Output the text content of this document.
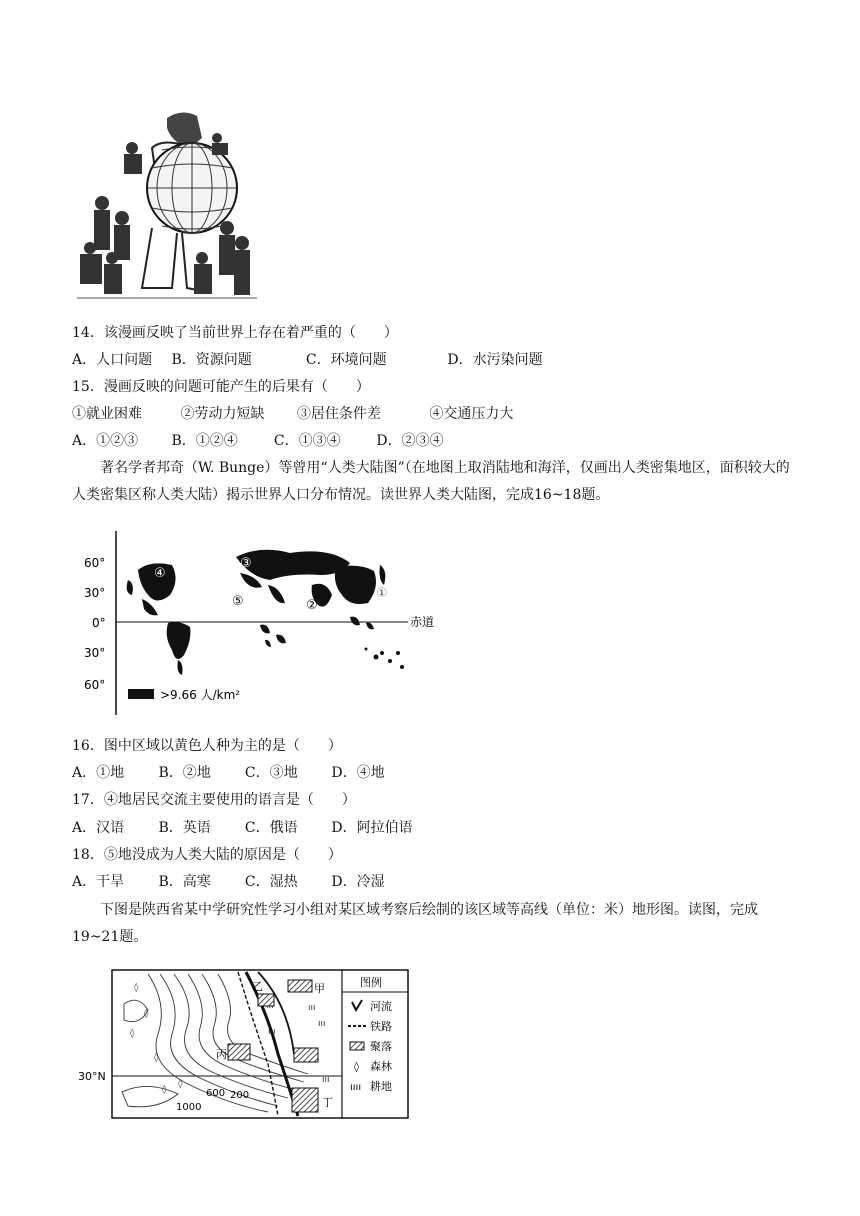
14．该漫画反映了当前世界上存在着严重的（　　）
A．人口问题 B．资源问题	C．环境问题	D．水污染问题
15．漫画反映的问题可能产生的后果有（　　）
①就业困难	②劳动力短缺 ③居住条件差	④交通压力大
A．①②③ B．①②④	C．①③④	D．②③④
著名学者邦奇（W. Bunge）等曾用“人类大陆图”（在地图上取消陆地和海洋，仅画出人类密集地区，面积较大的人类密集区称人类大陆）揭示世界人口分布情况。读世界人类大陆图，完成16~18题。
60°
30°
0°
30°
60°
赤道
①
②
③
④
⑤
>9.66 人/km²
16．图中区域以黄色人种为主的是（　　）
A．①地 B．②地 C．③地 D．④地
17．④地居民交流主要使用的语言是（　　）
A．汉语 B．英语 C．俄语 D．阿拉伯语
18．⑤地没成为人类大陆的原因是（　　）
A．干旱 B．高寒 C．湿热 D．冷湿
下图是陕西省某中学研究性学习小组对某区域考察后绘制的该区域等高线（单位：米）地形图。读图，完成19~21题。
30°N
600 200
1000
◊
◊
◊
◊
◊
◊
ııı
ııı
ııı
ııı
甲
乙
丙
丁
图例
河流
铁路
聚落
◊ 森林
ıııı 耕地
